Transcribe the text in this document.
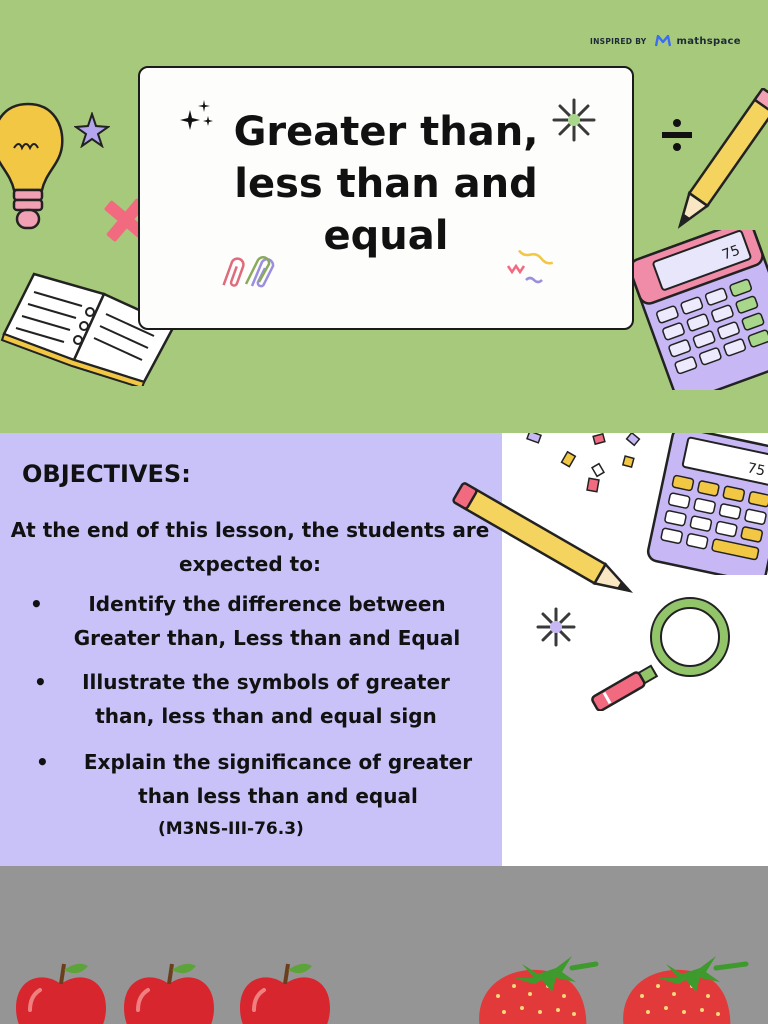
INSPIRED BY	mathspace
75
Greater than, less than and equal
OBJECTIVES:

At the end of this lesson, the students are expected to:

•	Identify the difference between Greater than, Less than and Equal
•	Illustrate the symbols of greater than, less than and equal sign
•	Explain the significance of greater than less than and equal

(M3NS-III-76.3)

75
